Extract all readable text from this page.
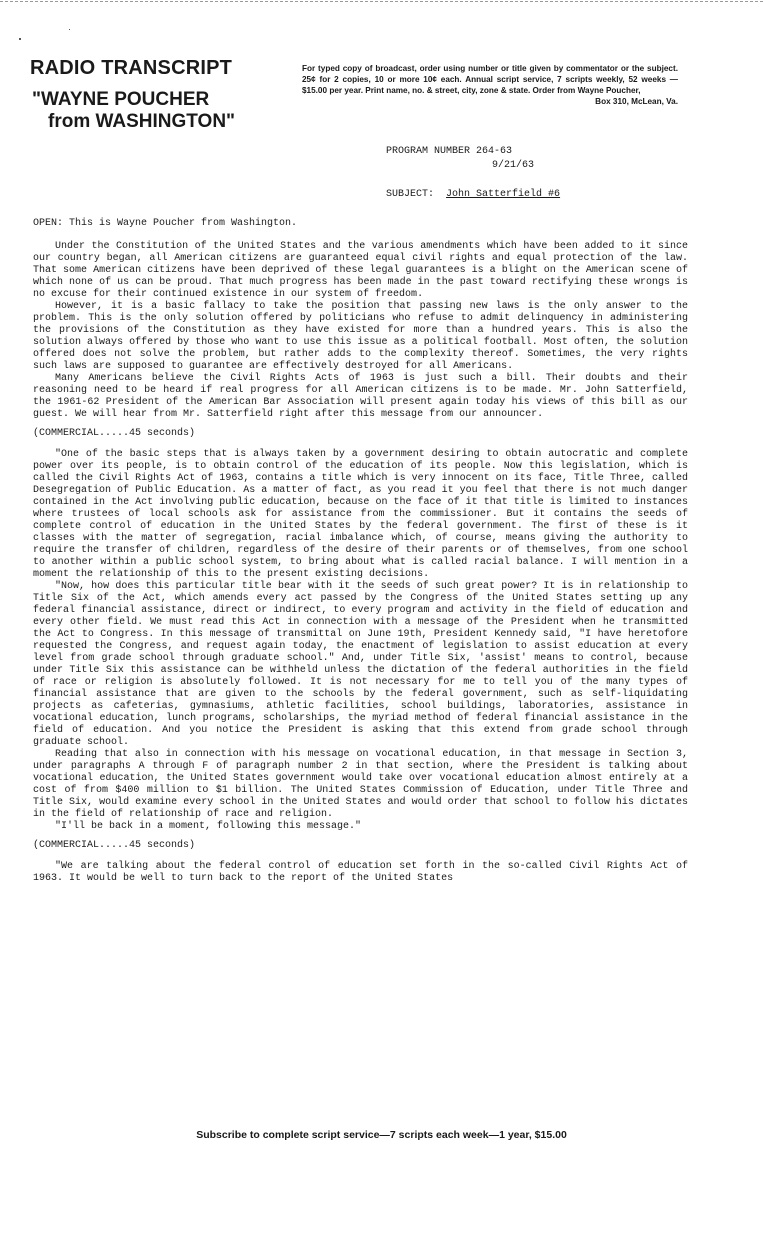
RADIO TRANSCRIPT
"WAYNE POUCHER
from WASHINGTON"
For typed copy of broadcast, order using number or title given by commentator or the subject. 25¢ for 2 copies, 10 or more 10¢ each. Annual script service, 7 scripts weekly, 52 weeks — $15.00 per year. Print name, no. & street, city, zone & state. Order from Wayne Poucher,
Box 310, McLean, Va.
PROGRAM NUMBER 264-63
9/21/63
SUBJECT: John Satterfield #6

OPEN: This is Wayne Poucher from Washington.

Under the Constitution of the United States and the various amendments which have been added to it since our country began, all American citizens are guaranteed equal civil rights and equal protection of the law. That some American citizens have been deprived of these legal guarantees is a blight on the American scene of which none of us can be proud. That much progress has been made in the past toward rectifying these wrongs is no excuse for their continued existence in our system of freedom.

However, it is a basic fallacy to take the position that passing new laws is the only answer to the problem. This is the only solution offered by politicians who refuse to admit delinquency in administering the provisions of the Constitution as they have existed for more than a hundred years. This is also the solution always offered by those who want to use this issue as a political football. Most often, the solution offered does not solve the problem, but rather adds to the complexity thereof. Sometimes, the very rights such laws are supposed to guarantee are effectively destroyed for all Americans.

Many Americans believe the Civil Rights Acts of 1963 is just such a bill. Their doubts and their reasoning need to be heard if real progress for all American citizens is to be made. Mr. John Satterfield, the 1961-62 President of the American Bar Association will present again today his views of this bill as our guest. We will hear from Mr. Satterfield right after this message from our announcer.

(COMMERCIAL.....45 seconds)

"One of the basic steps that is always taken by a government desiring to obtain autocratic and complete power over its people, is to obtain control of the education of its people. Now this legislation, which is called the Civil Rights Act of 1963, contains a title which is very innocent on its face, Title Three, called Desegregation of Public Education. As a matter of fact, as you read it you feel that there is not much danger contained in the Act involving public education, because on the face of it that title is limited to instances where trustees of local schools ask for assistance from the commissioner. But it contains the seeds of complete control of education in the United States by the federal government. The first of these is it classes with the matter of segregation, racial imbalance which, of course, means giving the authority to require the transfer of children, regardless of the desire of their parents or of themselves, from one school to another within a public school system, to bring about what is called racial balance. I will mention in a moment the relationship of this to the present existing decisions.

"Now, how does this particular title bear with it the seeds of such great power? It is in relationship to Title Six of the Act, which amends every act passed by the Congress of the United States setting up any federal financial assistance, direct or indirect, to every program and activity in the field of education and every other field. We must read this Act in connection with a message of the President when he transmitted the Act to Congress. In this message of transmittal on June 19th, President Kennedy said, "I have heretofore requested the Congress, and request again today, the enactment of legislation to assist education at every level from grade school through graduate school." And, under Title Six, 'assist' means to control, because under Title Six this assistance can be withheld unless the dictation of the federal authorities in the field of race or religion is absolutely followed. It is not necessary for me to tell you of the many types of financial assistance that are given to the schools by the federal government, such as self-liquidating projects as cafeterias, gymnasiums, athletic facilities, school buildings, laboratories, assistance in vocational education, lunch programs, scholarships, the myriad method of federal financial assistance in the field of education. And you notice the President is asking that this extend from grade school through graduate school.

Reading that also in connection with his message on vocational education, in that message in Section 3, under paragraphs A through F of paragraph number 2 in that section, where the President is talking about vocational education, the United States government would take over vocational education almost entirely at a cost of from $400 million to $1 billion. The United States Commission of Education, under Title Three and Title Six, would examine every school in the United States and would order that school to follow his dictates in the field of relationship of race and religion.

"I'll be back in a moment, following this message."

(COMMERCIAL.....45 seconds)

"We are talking about the federal control of education set forth in the so-called Civil Rights Act of 1963. It would be well to turn back to the report of the United States

Subscribe to complete script service—7 scripts each week—1 year, $15.00
